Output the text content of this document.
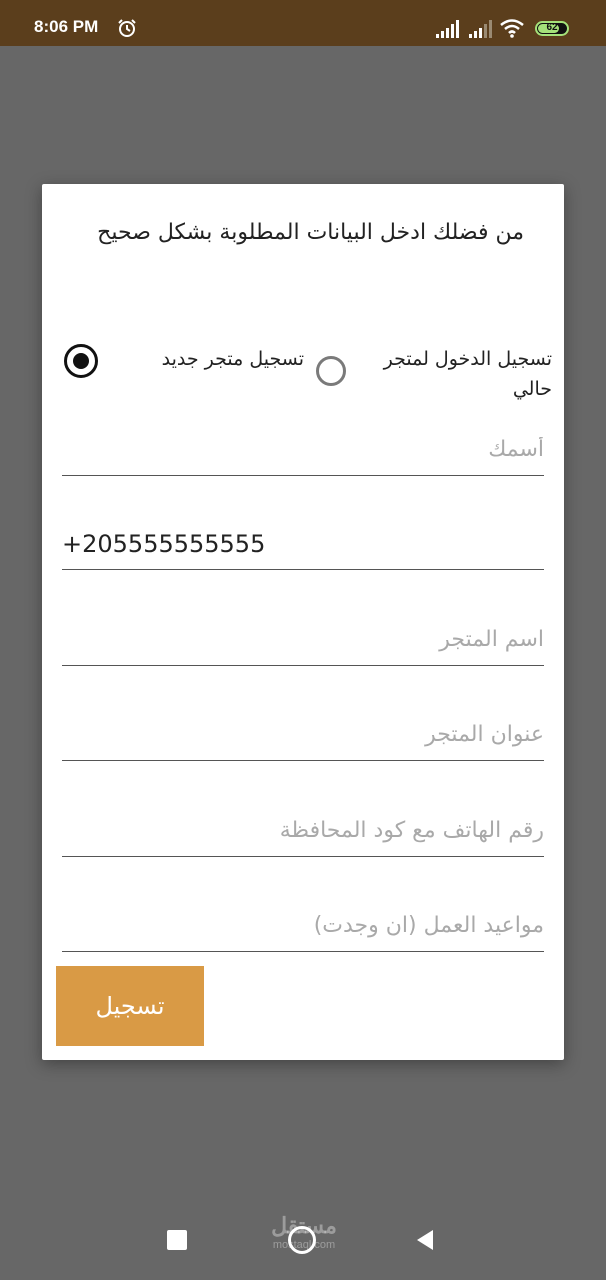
8:06 PM	62
من فضلك ادخل البيانات المطلوبة بشكل صحيح
تسجيل الدخول لمتجر حالي
تسجيل متجر جديد
أسمك
+205555555555
اسم المتجر
عنوان المتجر
رقم الهاتف مع كود المحافظة
مواعيد العمل (ان وجدت)
تسجيل
مستقل
mostaql.com
